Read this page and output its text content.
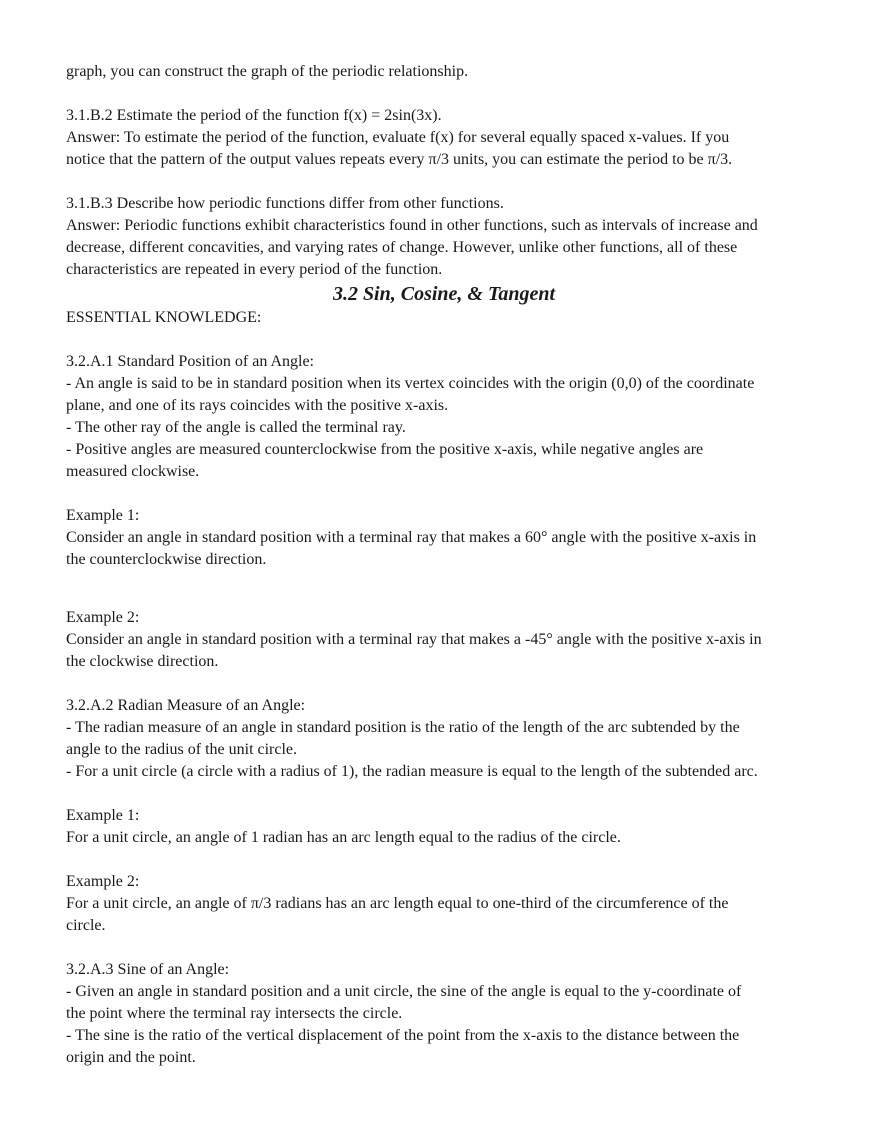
graph, you can construct the graph of the periodic relationship.
3.1.B.2 Estimate the period of the function f(x) = 2sin(3x).
Answer: To estimate the period of the function, evaluate f(x) for several equally spaced x-values. If you
notice that the pattern of the output values repeats every π/3 units, you can estimate the period to be π/3.
3.1.B.3 Describe how periodic functions differ from other functions.
Answer: Periodic functions exhibit characteristics found in other functions, such as intervals of increase and
decrease, different concavities, and varying rates of change. However, unlike other functions, all of these
characteristics are repeated in every period of the function.
3.2 Sin, Cosine, & Tangent
ESSENTIAL KNOWLEDGE:
3.2.A.1 Standard Position of an Angle:
- An angle is said to be in standard position when its vertex coincides with the origin (0,0) of the coordinate
plane, and one of its rays coincides with the positive x-axis.
- The other ray of the angle is called the terminal ray.
- Positive angles are measured counterclockwise from the positive x-axis, while negative angles are
measured clockwise.
Example 1:
Consider an angle in standard position with a terminal ray that makes a 60° angle with the positive x-axis in
the counterclockwise direction.
Example 2:
Consider an angle in standard position with a terminal ray that makes a -45° angle with the positive x-axis in
the clockwise direction.
3.2.A.2 Radian Measure of an Angle:
- The radian measure of an angle in standard position is the ratio of the length of the arc subtended by the
angle to the radius of the unit circle.
- For a unit circle (a circle with a radius of 1), the radian measure is equal to the length of the subtended arc.
Example 1:
For a unit circle, an angle of 1 radian has an arc length equal to the radius of the circle.
Example 2:
For a unit circle, an angle of π/3 radians has an arc length equal to one-third of the circumference of the
circle.
3.2.A.3 Sine of an Angle:
- Given an angle in standard position and a unit circle, the sine of the angle is equal to the y-coordinate of
the point where the terminal ray intersects the circle.
- The sine is the ratio of the vertical displacement of the point from the x-axis to the distance between the
origin and the point.
